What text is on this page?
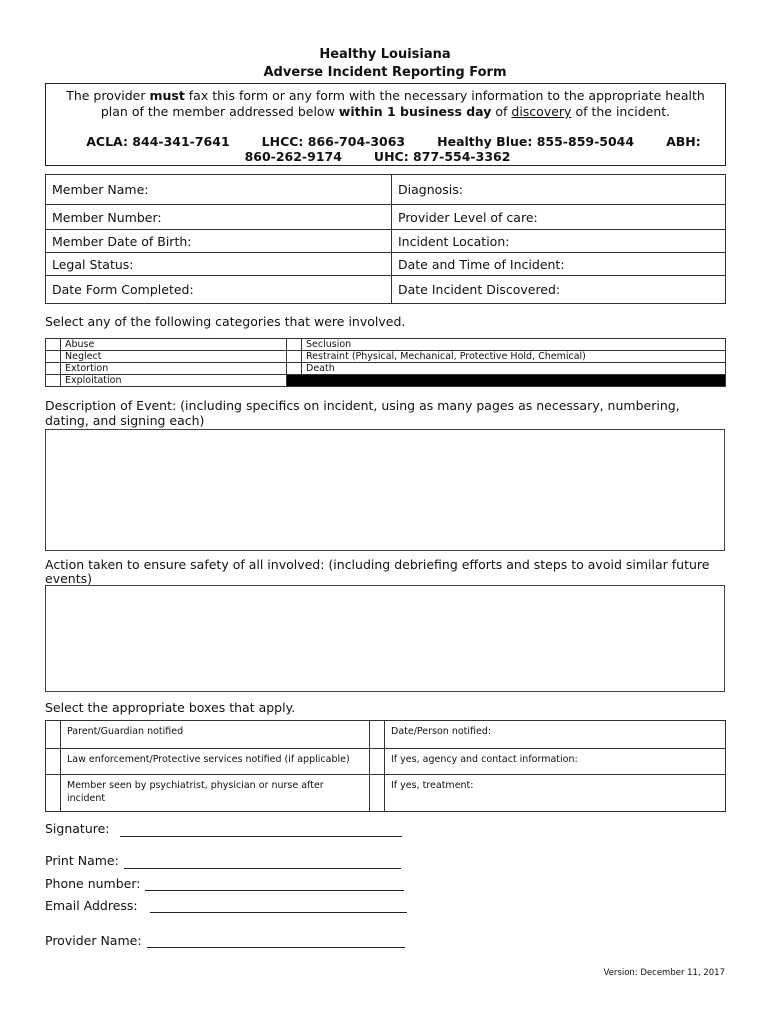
Healthy Louisiana
Adverse Incident Reporting Form
The provider must fax this form or any form with the necessary information to the appropriate health plan of the member addressed below within 1 business day of discovery of the incident.
ACLA: 844-341-7641	LHCC: 866-704-3063	Healthy Blue: 855-859-5044	ABH: 860-262-9174	UHC: 877-554-3362
Member Name:	Diagnosis:
Member Number:	Provider Level of care:
Member Date of Birth:	Incident Location:
Legal Status:	Date and Time of Incident:
Date Form Completed:	Date Incident Discovered:
Select any of the following categories that were involved.
	Abuse		Seclusion
	Neglect		Restraint (Physical, Mechanical, Protective Hold, Chemical)
	Extortion		Death
	Exploitation		
Description of Event: (including specifics on incident, using as many pages as necessary, numbering, dating, and signing each)
Action taken to ensure safety of all involved: (including debriefing efforts and steps to avoid similar future events)
Select the appropriate boxes that apply.
	Parent/Guardian notified		Date/Person notified:
	Law enforcement/Protective services notified (if applicable)		If yes, agency and contact information:
	Member seen by psychiatrist, physician or nurse after incident		If yes, treatment:
Signature:
Print Name:
Phone number:
Email Address:
Provider Name:
Version: December 11, 2017
